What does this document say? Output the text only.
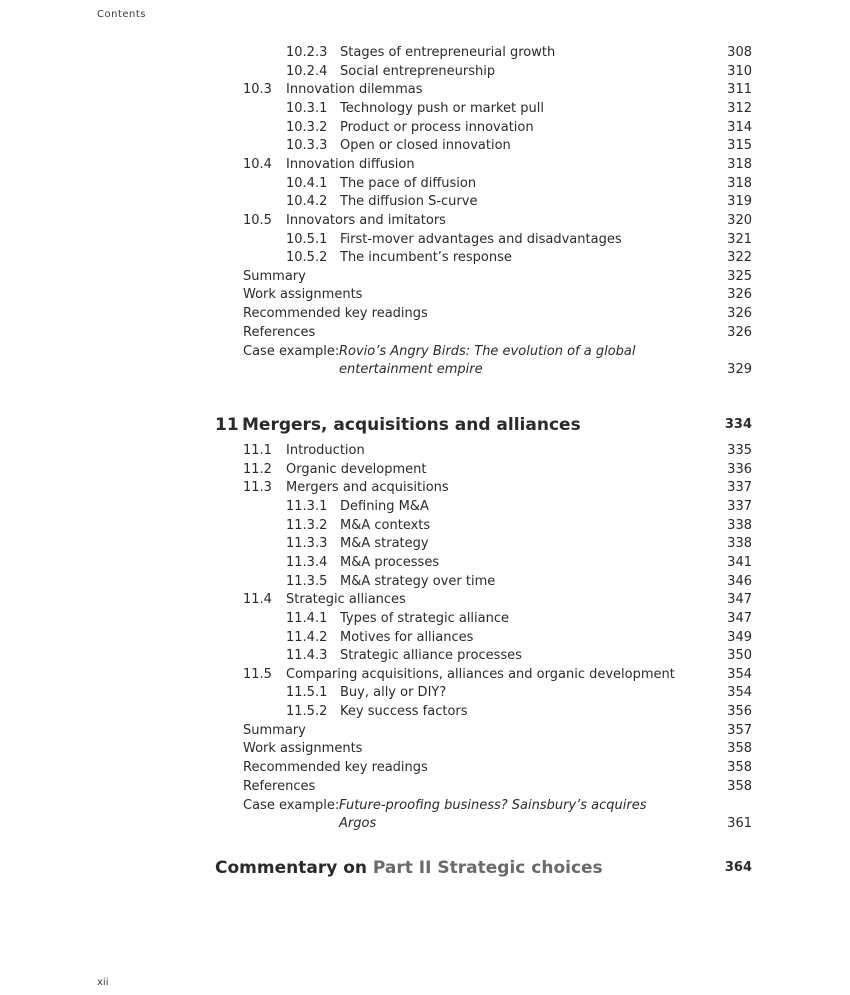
Contents
10.2.3 Stages of entrepreneurial growth	308
10.2.4 Social entrepreneurship	310
10.3 Innovation dilemmas	311
10.3.1 Technology push or market pull	312
10.3.2 Product or process innovation	314
10.3.3 Open or closed innovation	315
10.4 Innovation diffusion	318
10.4.1 The pace of diffusion	318
10.4.2 The diffusion S-curve	319
10.5 Innovators and imitators	320
10.5.1 First-mover advantages and disadvantages	321
10.5.2 The incumbent’s response	322
Summary	325
Work assignments	326
Recommended key readings	326
References	326
Case example: Rovio’s Angry Birds: The evolution of a global
entertainment empire	329
11 Mergers, acquisitions and alliances	334
11.1 Introduction	335
11.2 Organic development	336
11.3 Mergers and acquisitions	337
11.3.1 Defining M&A	337
11.3.2 M&A contexts	338
11.3.3 M&A strategy	338
11.3.4 M&A processes	341
11.3.5 M&A strategy over time	346
11.4 Strategic alliances	347
11.4.1 Types of strategic alliance	347
11.4.2 Motives for alliances	349
11.4.3 Strategic alliance processes	350
11.5 Comparing acquisitions, alliances and organic development	354
11.5.1 Buy, ally or DIY?	354
11.5.2 Key success factors	356
Summary	357
Work assignments	358
Recommended key readings	358
References	358
Case example: Future-proofing business? Sainsbury’s acquires
Argos	361
Commentary on Part II Strategic choices	364
xii
